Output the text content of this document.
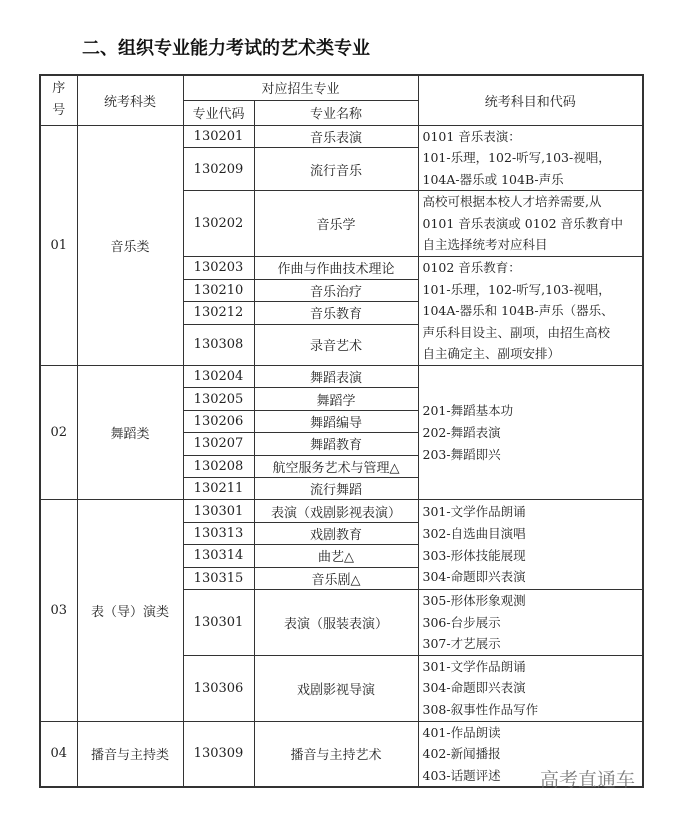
二、组织专业能力考试的艺术类专业
序号	统考科类	对应招生专业		统考科目和代码
		专业代码	专业名称	
01	音乐类	130201	音乐表演	0101 音乐表演：
101-乐理，102-听写,103-视唱，
104A-器乐或 104B-声乐

		130209	流行音乐	
		130202	音乐学	高校可根据本校人才培养需要,从
0101 音乐表演或 0102 音乐教育中
自主选择统考对应科目

		130203	作曲与作曲技术理论	0102 音乐教育：
101-乐理，102-听写,103-视唱，
104A-器乐和 104B-声乐（器乐、
声乐科目设主、副项，由招生高校
自主确定主、副项安排）

		130210	音乐治疗	
		130212	音乐教育	
		130308	录音艺术	
02	舞蹈类	130204	舞蹈表演	201-舞蹈基本功
202-舞蹈表演
203-舞蹈即兴

		130205	舞蹈学	
		130206	舞蹈编导	
		130207	舞蹈教育	
		130208	航空服务艺术与管理△	
		130211	流行舞蹈	
03	表（导）演类	130301	表演（戏剧影视表演）	301-文学作品朗诵
302-自选曲目演唱
303-形体技能展现
304-命题即兴表演

		130313	戏剧教育	
		130314	曲艺△	
		130315	音乐剧△	
		130301	表演（服装表演）	305-形体形象观测
306-台步展示
307-才艺展示

		130306	戏剧影视导演	301-文学作品朗诵
304-命题即兴表演
308-叙事性作品写作

04	播音与主持类	130309	播音与主持艺术	401-作品朗读
402-新闻播报
403-话题评述	高考直通车
